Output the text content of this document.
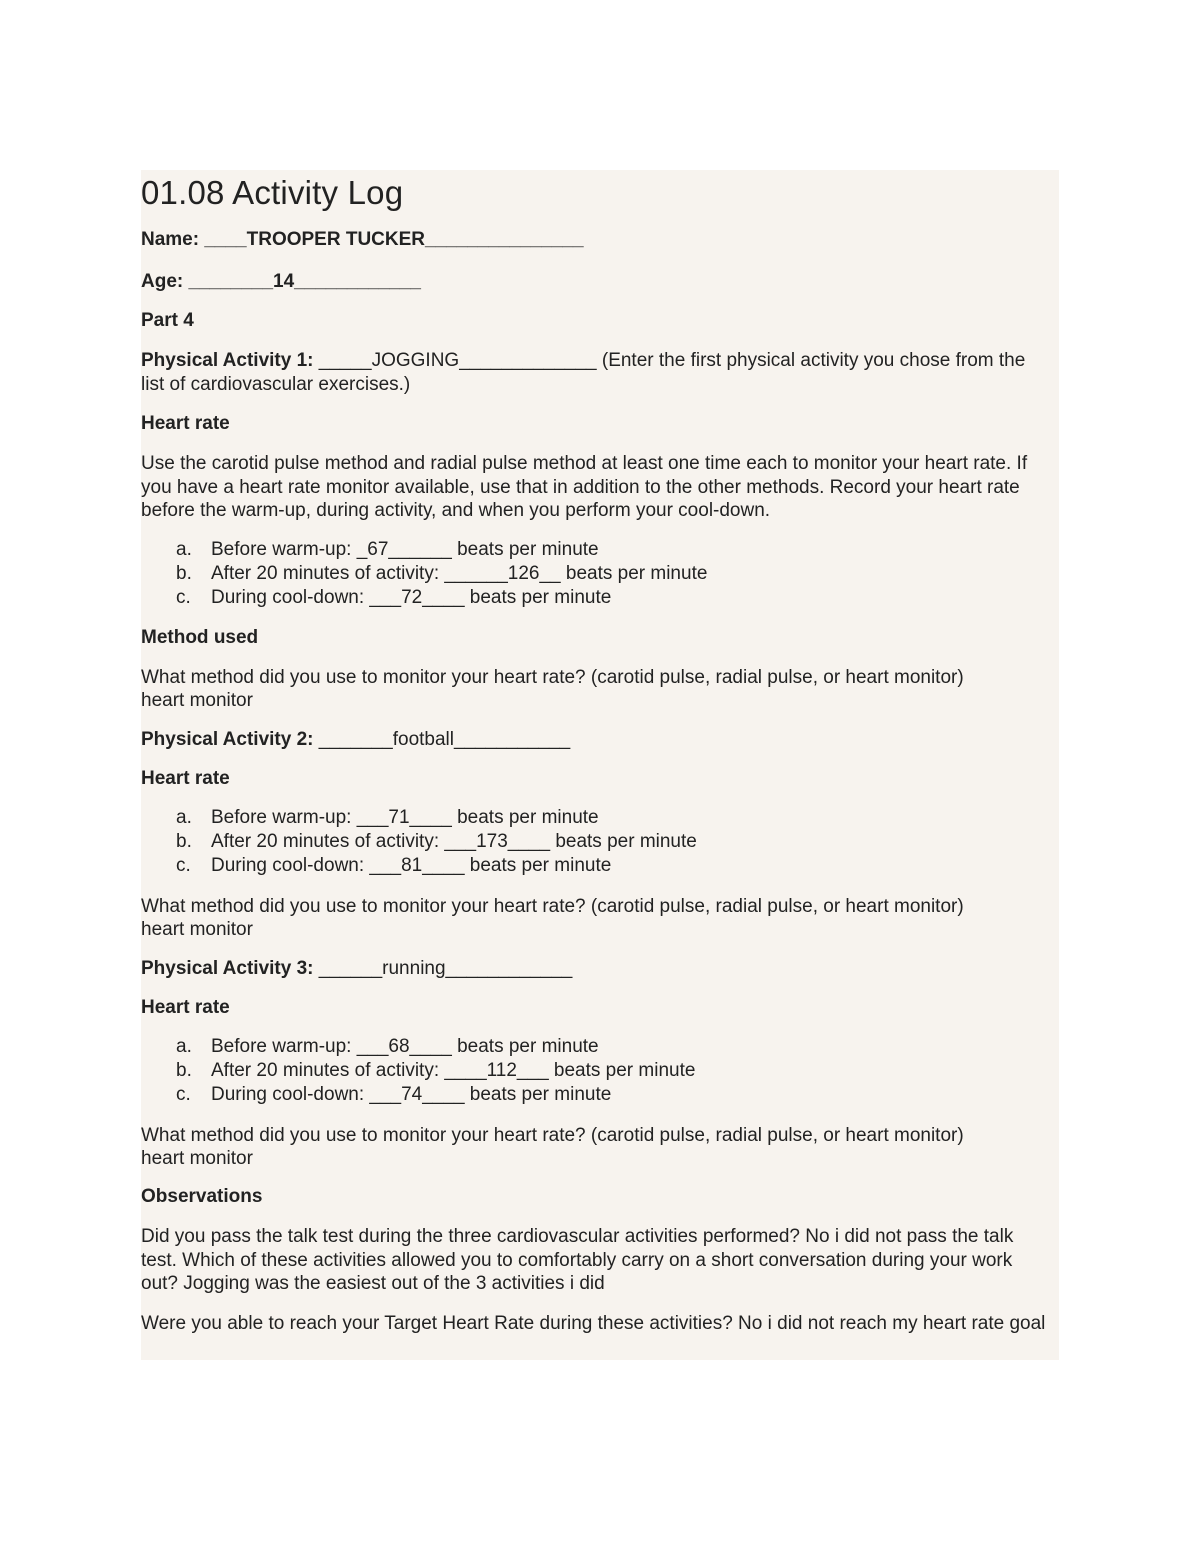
01.08 Activity Log

Name: ____TROOPER TUCKER_______________

Age: ________14____________

Part 4

Physical Activity 1: _____JOGGING_____________ (Enter the first physical activity you chose from the list of cardiovascular exercises.)

Heart rate

Use the carotid pulse method and radial pulse method at least one time each to monitor your heart rate. If you have a heart rate monitor available, use that in addition to the other methods. Record your heart rate before the warm-up, during activity, and when you perform your cool-down.

a. Before warm-up: _67______ beats per minute
b. After 20 minutes of activity: ______126__ beats per minute
c. During cool-down: ___72____ beats per minute

Method used

What method did you use to monitor your heart rate? (carotid pulse, radial pulse, or heart monitor)

heart monitor

Physical Activity 2: _______football___________

Heart rate

a. Before warm-up: ___71____ beats per minute
b. After 20 minutes of activity: ___173____ beats per minute
c. During cool-down: ___81____ beats per minute

What method did you use to monitor your heart rate? (carotid pulse, radial pulse, or heart monitor)

heart monitor

Physical Activity 3: ______running____________

Heart rate

a. Before warm-up: ___68____ beats per minute
b. After 20 minutes of activity: ____112___ beats per minute
c. During cool-down: ___74____ beats per minute

What method did you use to monitor your heart rate? (carotid pulse, radial pulse, or heart monitor)

heart monitor

Observations

Did you pass the talk test during the three cardiovascular activities performed? No i did not pass the talk test. Which of these activities allowed you to comfortably carry on a short conversation during your work out? Jogging was the easiest out of the 3 activities i did

Were you able to reach your Target Heart Rate during these activities? No i did not reach my heart rate goal
